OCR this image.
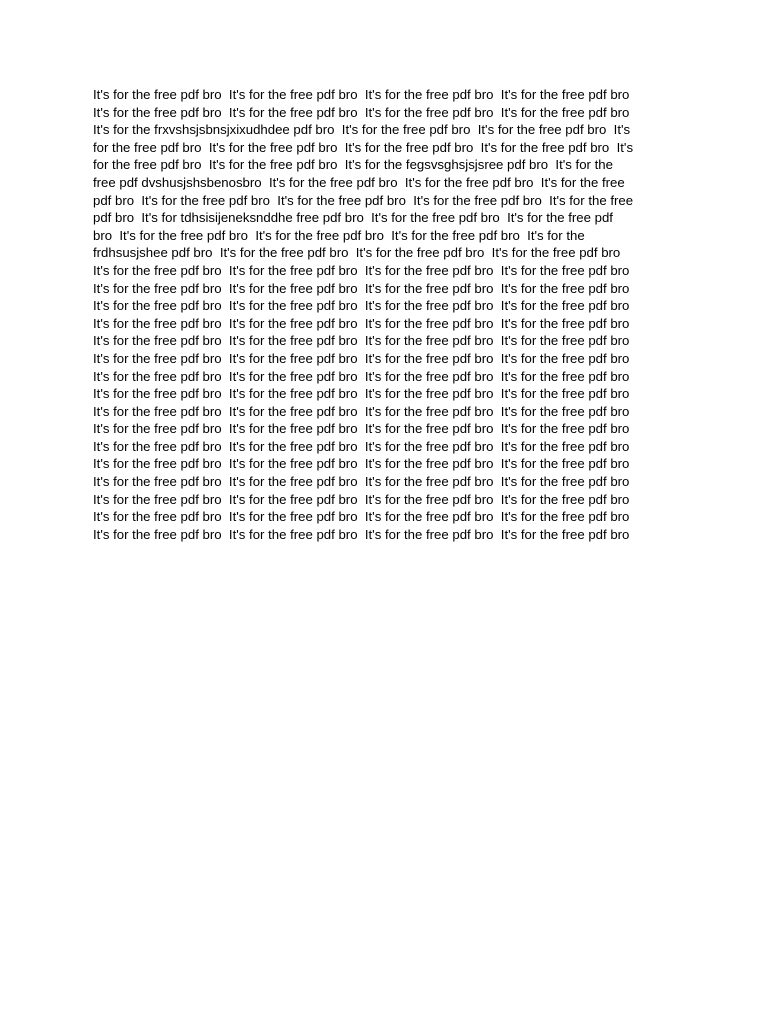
It's for the free pdf bro  It's for the free pdf bro  It's for the free pdf bro  It's for the free pdf bro
It's for the free pdf bro  It's for the free pdf bro  It's for the free pdf bro  It's for the free pdf bro
It's for the frxvshsjsbnsjxixudhdee pdf bro  It's for the free pdf bro  It's for the free pdf bro  It's
for the free pdf bro  It's for the free pdf bro  It's for the free pdf bro  It's for the free pdf bro  It's
for the free pdf bro  It's for the free pdf bro  It's for the fegsvsghsjsjsree pdf bro  It's for the
free pdf dvshusjshsbenosbro  It's for the free pdf bro  It's for the free pdf bro  It's for the free
pdf bro  It's for the free pdf bro  It's for the free pdf bro  It's for the free pdf bro  It's for the free
pdf bro  It's for tdhsisijeneksnddhe free pdf bro  It's for the free pdf bro  It's for the free pdf
bro  It's for the free pdf bro  It's for the free pdf bro  It's for the free pdf bro  It's for the
frdhsusjshee pdf bro  It's for the free pdf bro  It's for the free pdf bro  It's for the free pdf bro
It's for the free pdf bro  It's for the free pdf bro  It's for the free pdf bro  It's for the free pdf bro
It's for the free pdf bro  It's for the free pdf bro  It's for the free pdf bro  It's for the free pdf bro
It's for the free pdf bro  It's for the free pdf bro  It's for the free pdf bro  It's for the free pdf bro
It's for the free pdf bro  It's for the free pdf bro  It's for the free pdf bro  It's for the free pdf bro
It's for the free pdf bro  It's for the free pdf bro  It's for the free pdf bro  It's for the free pdf bro
It's for the free pdf bro  It's for the free pdf bro  It's for the free pdf bro  It's for the free pdf bro
It's for the free pdf bro  It's for the free pdf bro  It's for the free pdf bro  It's for the free pdf bro
It's for the free pdf bro  It's for the free pdf bro  It's for the free pdf bro  It's for the free pdf bro
It's for the free pdf bro  It's for the free pdf bro  It's for the free pdf bro  It's for the free pdf bro
It's for the free pdf bro  It's for the free pdf bro  It's for the free pdf bro  It's for the free pdf bro
It's for the free pdf bro  It's for the free pdf bro  It's for the free pdf bro  It's for the free pdf bro
It's for the free pdf bro  It's for the free pdf bro  It's for the free pdf bro  It's for the free pdf bro
It's for the free pdf bro  It's for the free pdf bro  It's for the free pdf bro  It's for the free pdf bro
It's for the free pdf bro  It's for the free pdf bro  It's for the free pdf bro  It's for the free pdf bro
It's for the free pdf bro  It's for the free pdf bro  It's for the free pdf bro  It's for the free pdf bro
It's for the free pdf bro  It's for the free pdf bro  It's for the free pdf bro  It's for the free pdf bro
